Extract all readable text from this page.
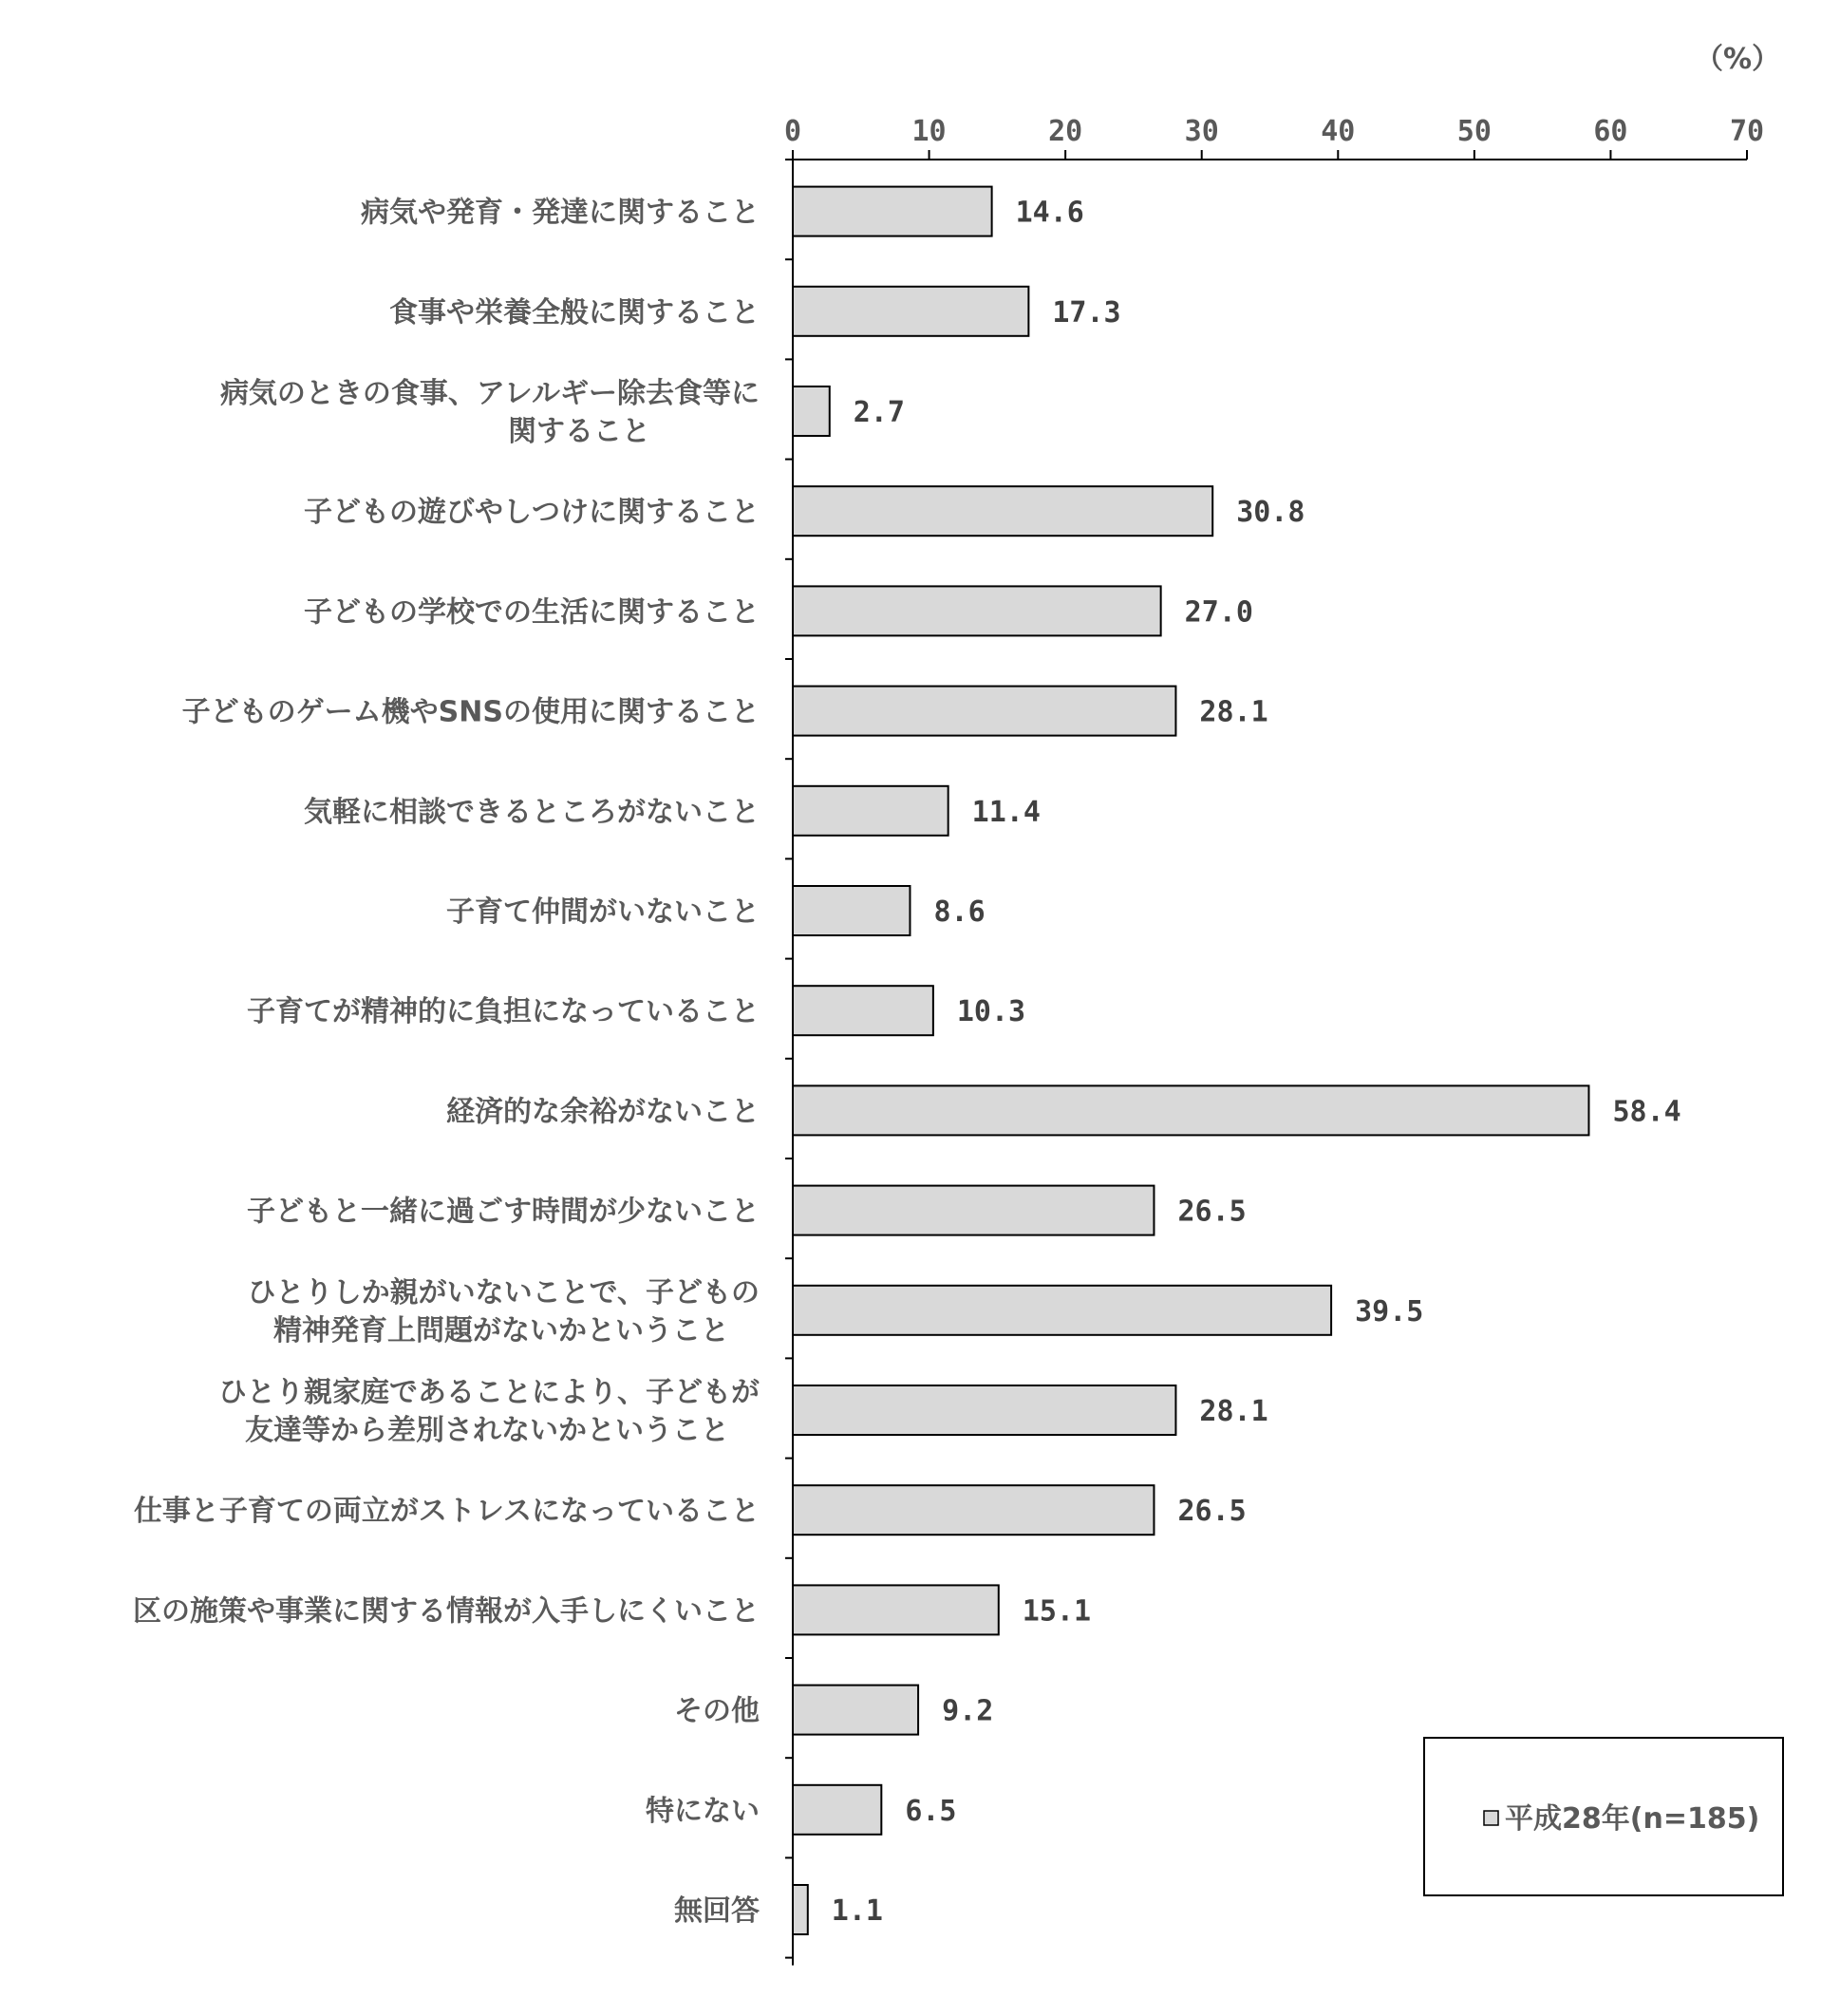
（%）
0	10	20	30	40	50	60	70
病気や発育・発達に関すること
食事や栄養全般に関すること
病気のときの食事、アレルギー除去食等に
関すること
子どもの遊びやしつけに関すること
子どもの学校での生活に関すること
子どものゲーム機やSNSの使用に関すること
気軽に相談できるところがないこと
子育て仲間がいないこと
子育てが精神的に負担になっていること
経済的な余裕がないこと
子どもと一緒に過ごす時間が少ないこと
ひとりしか親がいないことで、子どもの
精神発育上問題がないかということ
ひとり親家庭であることにより、子どもが
友達等から差別されないかということ
仕事と子育ての両立がストレスになっていること
区の施策や事業に関する情報が入手しにくいこと
その他
特にない
無回答
14.6
17.3
2.7
30.8
27.0
28.1
11.4
8.6
10.3
58.4
26.5
39.5
28.1
26.5
15.1
9.2
6.5
1.1
平成28年(n=185)
